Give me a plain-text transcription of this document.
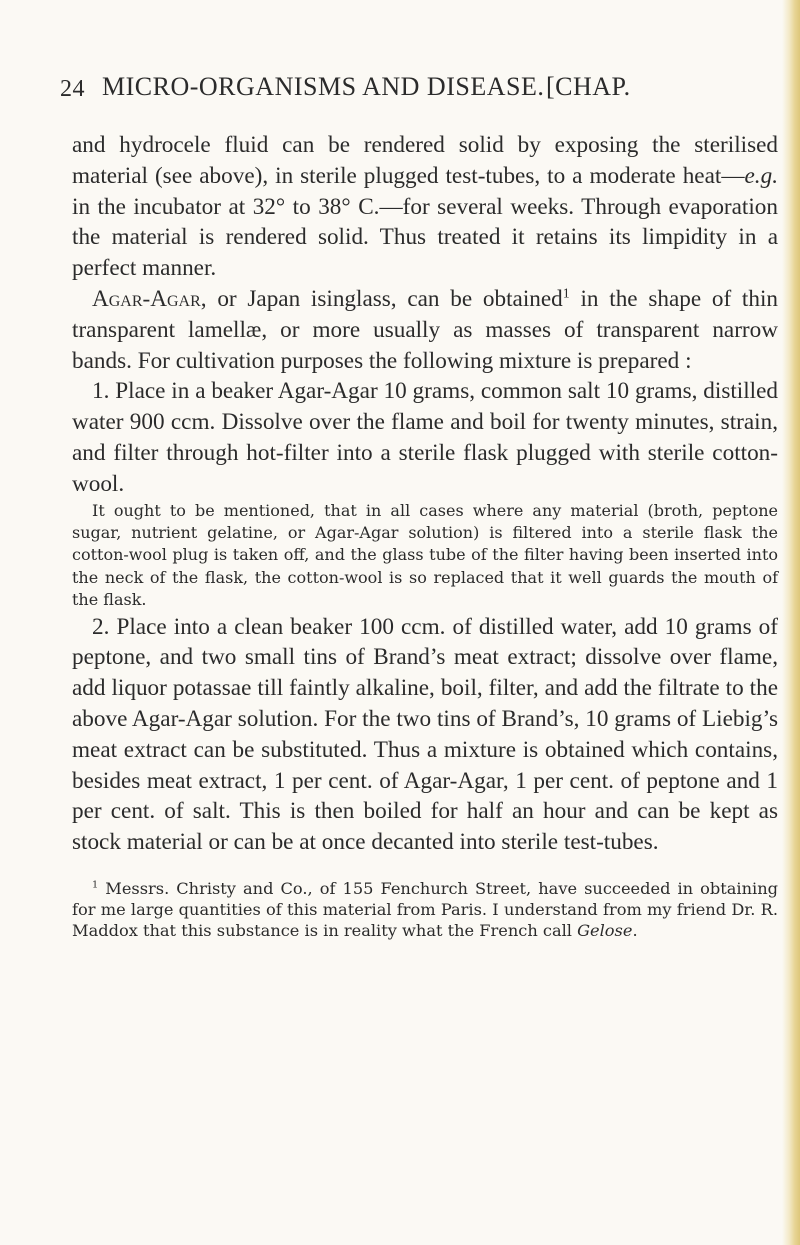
24 MICRO-ORGANISMS AND DISEASE. [CHAP.

and hydrocele fluid can be rendered solid by exposing the sterilised material (see above), in sterile plugged test-tubes, to a moderate heat—e.g. in the incubator at 32° to 38° C.—for several weeks. Through evaporation the material is rendered solid. Thus treated it retains its limpidity in a perfect manner.

Agar-Agar, or Japan isinglass, can be obtained$^1$ in the shape of thin transparent lamellæ, or more usually as masses of transparent narrow bands. For cultivation purposes the following mixture is prepared :

1. Place in a beaker Agar-Agar 10 grams, common salt 10 grams, distilled water 900 ccm. Dissolve over the flame and boil for twenty minutes, strain, and filter through hot-filter into a sterile flask plugged with sterile cotton-wool.

It ought to be mentioned, that in all cases where any material (broth, peptone sugar, nutrient gelatine, or Agar-Agar solution) is filtered into a sterile flask the cotton-wool plug is taken off, and the glass tube of the filter having been inserted into the neck of the flask, the cotton-wool is so replaced that it well guards the mouth of the flask.

2. Place into a clean beaker 100 ccm. of distilled water, add 10 grams of peptone, and two small tins of Brand’s meat extract; dissolve over flame, add liquor potassae till faintly alkaline, boil, filter, and add the filtrate to the above Agar-Agar solution. For the two tins of Brand’s, 10 grams of Liebig’s meat extract can be substituted. Thus a mixture is obtained which contains, besides meat extract, 1 per cent. of Agar-Agar, 1 per cent. of peptone and 1 per cent. of salt. This is then boiled for half an hour and can be kept as stock material or can be at once decanted into sterile test-tubes.

$^1$ Messrs. Christy and Co., of 155 Fenchurch Street, have succeeded in obtaining for me large quantities of this material from Paris. I understand from my friend Dr. R. Maddox that this substance is in reality what the French call Gelose.
